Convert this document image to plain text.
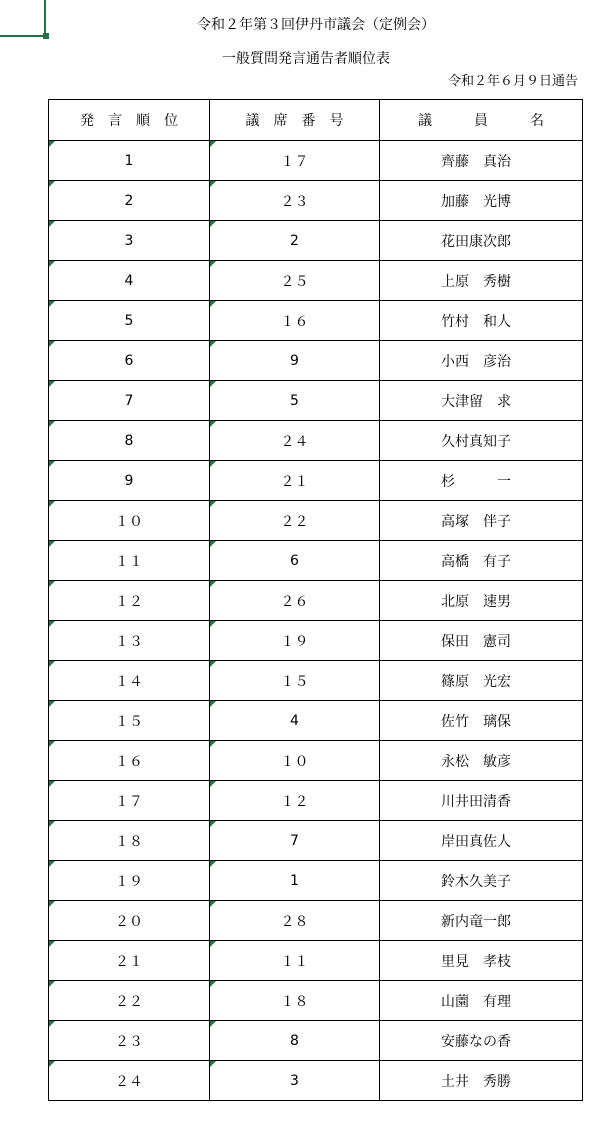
令和２年第３回伊丹市議会（定例会）
一般質問発言通告者順位表
令和２年６月９日通告
発　言　順　位	議　席　番　号	議　　　員　　　名

1	１７	齊藤　真治

2	２３	加藤　光博

3	2	花田康次郎

4	２５	上原　秀樹

5	１６	竹村　和人

6	9	小西　彦治

7	5	大津留　求

8	２４	久村真知子

9	２１	杉　　　一

１０	２２	高塚　伴子

１１	6	高橋　有子

１２	２６	北原　速男

１３	１９	保田　憲司

１４	１５	篠原　光宏

１５	4	佐竹　璃保

１６	１０	永松　敏彦

１７	１２	川井田清香

１８	7	岸田真佐人

１９	1	鈴木久美子

２０	２８	新内竜一郎

２１	１１	里見　孝枝

２２	１８	山薗　有理

２３	8	安藤なの香

２４	3	土井　秀勝
